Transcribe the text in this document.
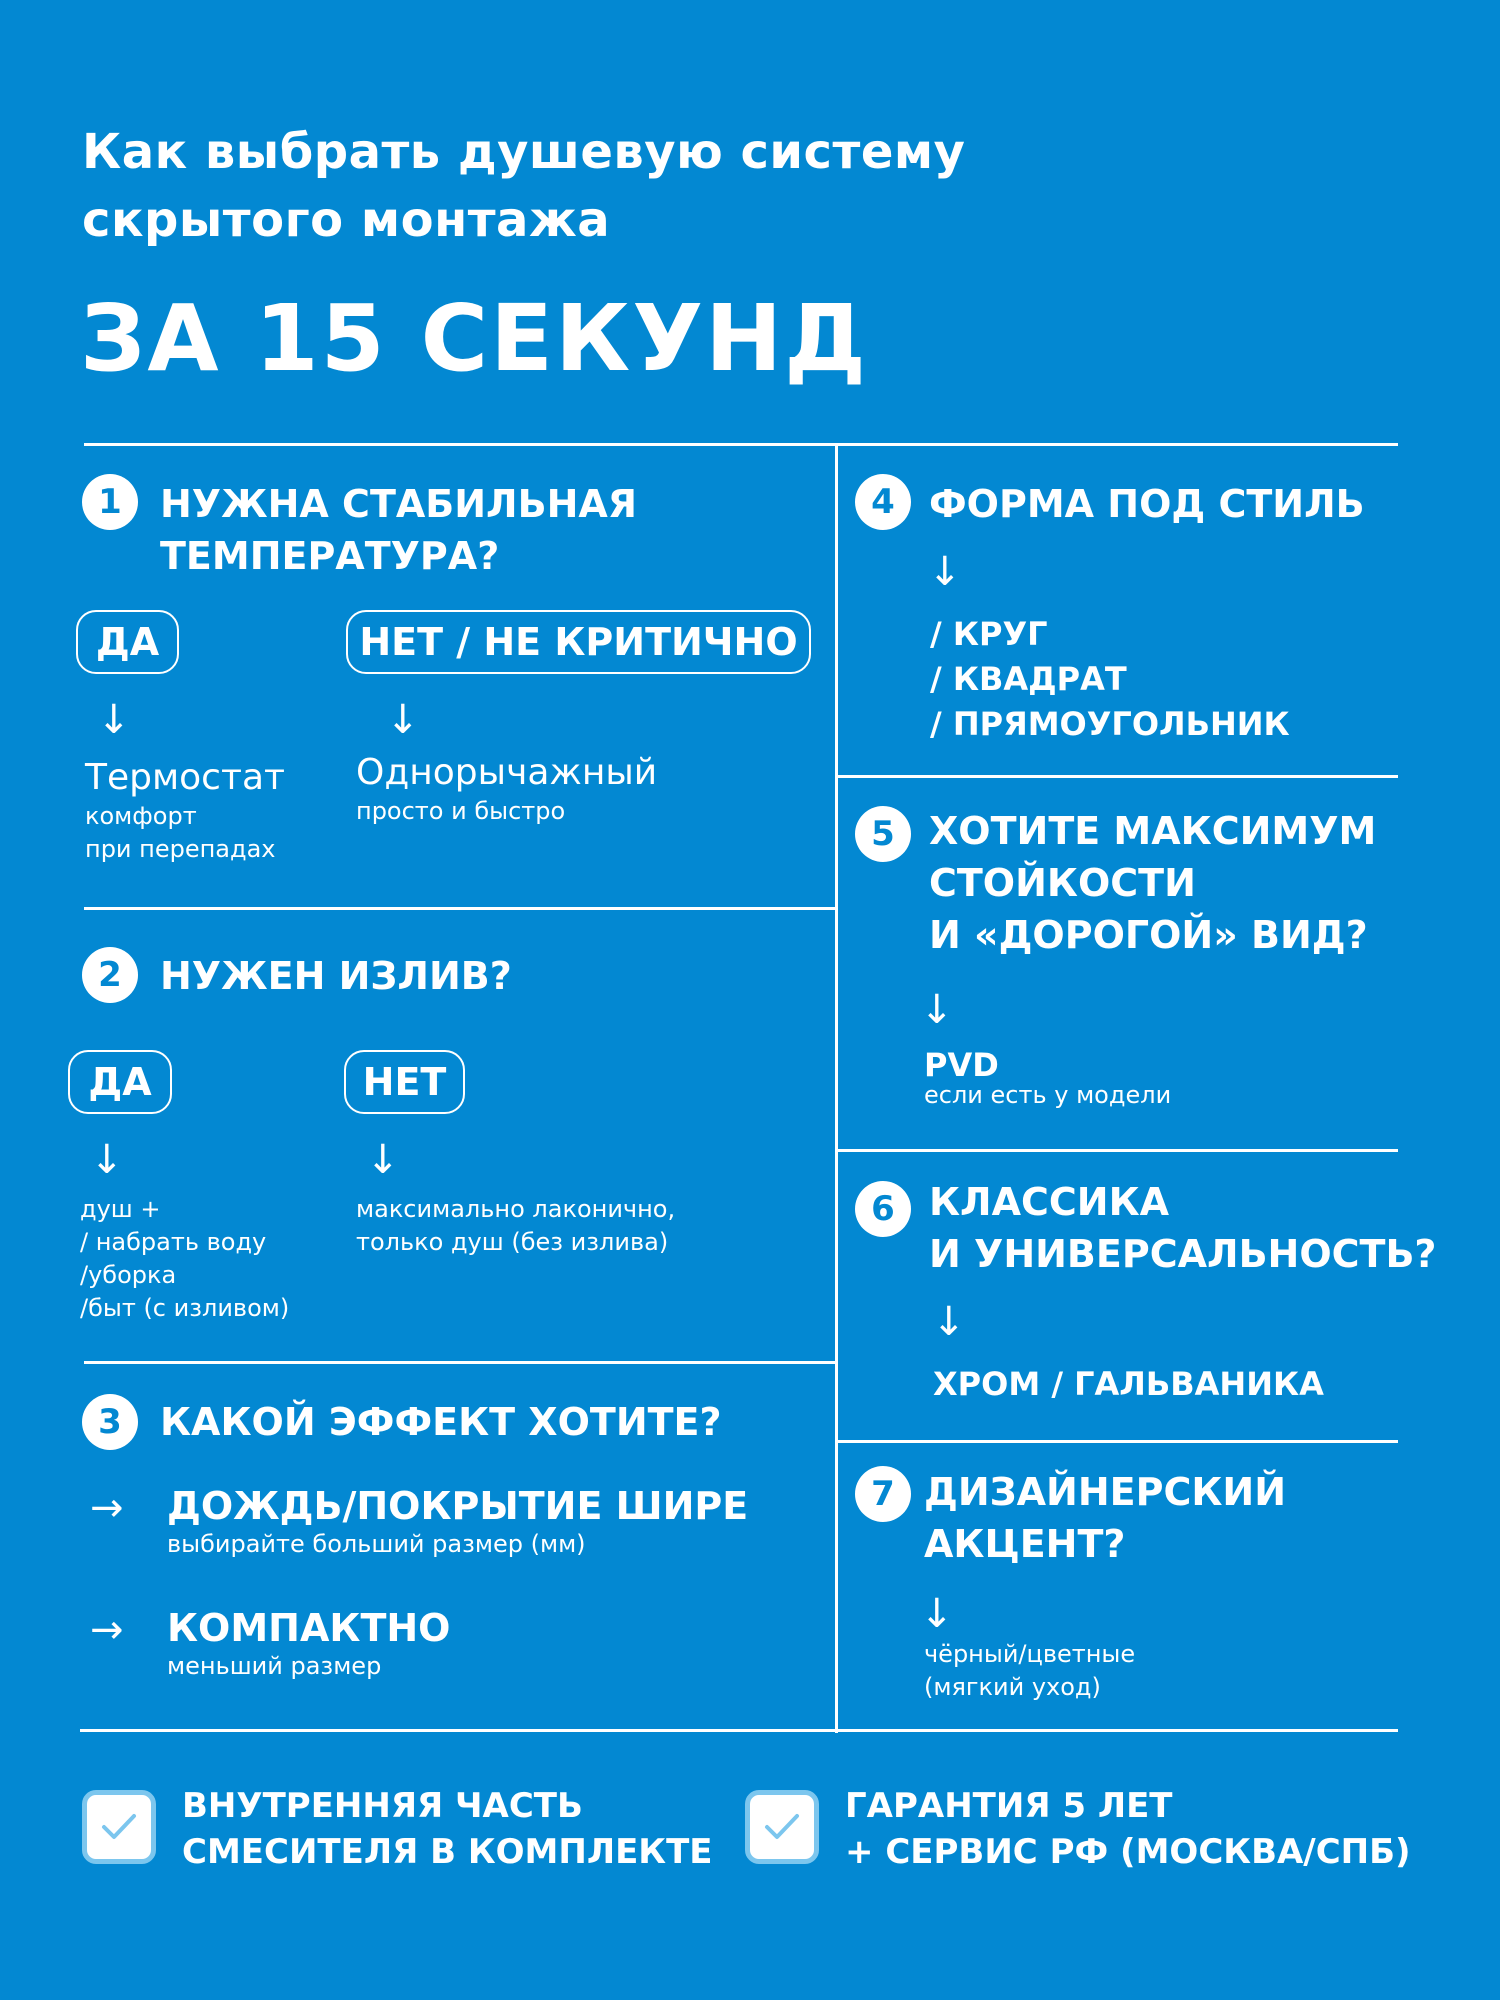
Как выбрать душевую систему
скрытого монтажа
ЗА 15 СЕКУНД
1	НУЖНА СТАБИЛЬНАЯ
ТЕМПЕРАТУРА?
ДА	НЕТ / НЕ КРИТИЧНО
↓	↓
Термостат
комфорт
при перепадах
Однорычажный
просто и быстро
2	НУЖЕН ИЗЛИВ?
ДА	НЕТ
↓	↓
душ +
/ набрать воду
/уборка
/быт (с изливом)
максимально лаконично,
только душ (без излива)
3	КАКОЙ ЭФФЕКТ ХОТИТЕ?
→ ДОЖДЬ/ПОКРЫТИЕ ШИРЕ
выбирайте больший размер (мм)
→ КОМПАКТНО
меньший размер
4 ФОРМА ПОД СТИЛЬ
↓
/ КРУГ
/ КВАДРАТ
/ ПРЯМОУГОЛЬНИК
5 ХОТИТЕ МАКСИМУМ
СТОЙКОСТИ
И «ДОРОГОЙ» ВИД?
↓
PVD
если есть у модели
6 КЛАССИКА
И УНИВЕРСАЛЬНОСТЬ?
↓
ХРОМ / ГАЛЬВАНИКА
7 ДИЗАЙНЕРСКИЙ
АКЦЕНТ?
↓
чёрный/цветные
(мягкий уход)
ВНУТРЕННЯЯ ЧАСТЬ
СМЕСИТЕЛЯ В КОМПЛЕКТЕ
ГАРАНТИЯ 5 ЛЕТ
+ СЕРВИС РФ (МОСКВА/СПБ)
